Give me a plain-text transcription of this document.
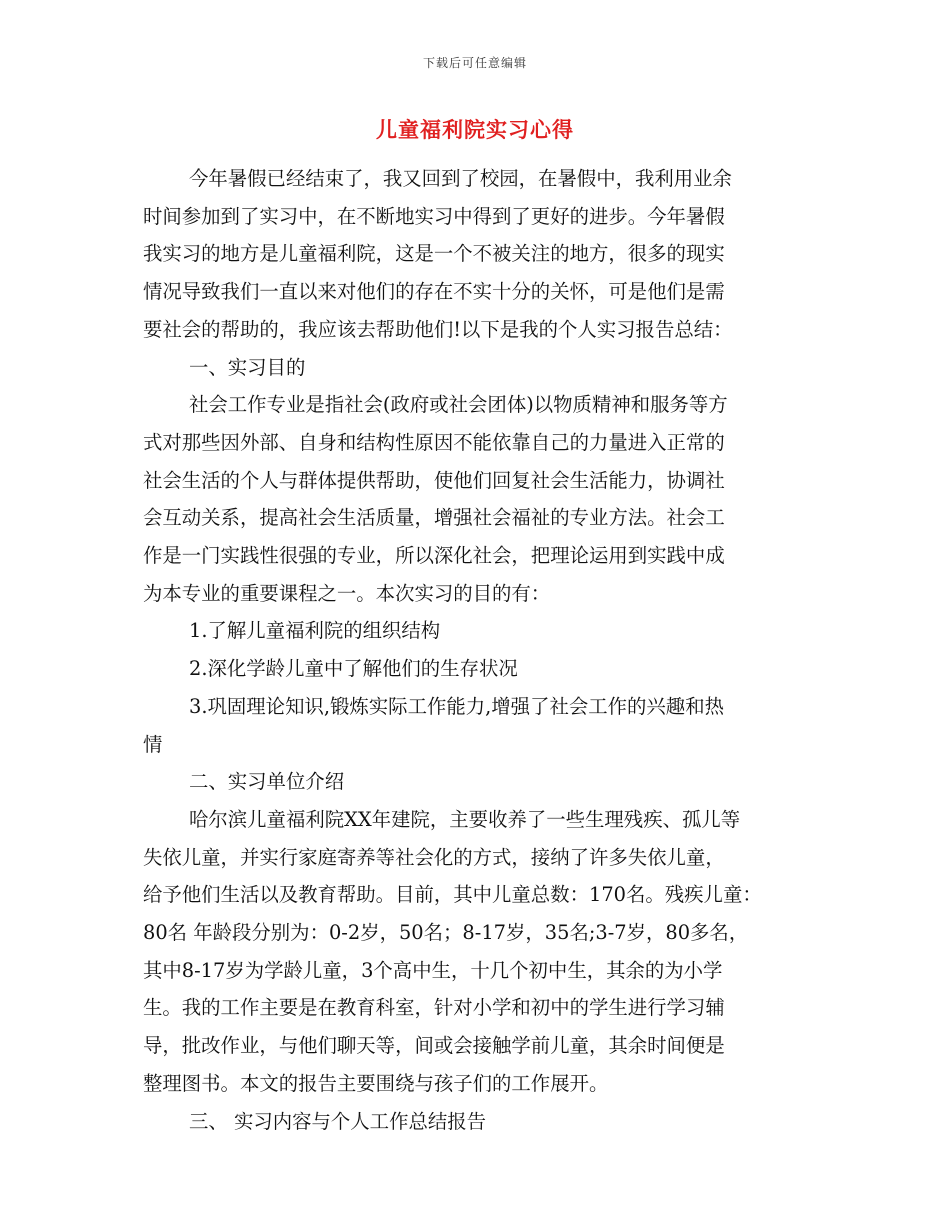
下载后可任意编辑
儿童福利院实习心得

今年暑假已经结束了，我又回到了校园，在暑假中，我利用业余

时间参加到了实习中，在不断地实习中得到了更好的进步。今年暑假

我实习的地方是儿童福利院，这是一个不被关注的地方，很多的现实

情况导致我们一直以来对他们的存在不实十分的关怀，可是他们是需

要社会的帮助的，我应该去帮助他们!以下是我的个人实习报告总结：

一、实习目的

社会工作专业是指社会(政府或社会团体)以物质精神和服务等方

式对那些因外部、自身和结构性原因不能依靠自己的力量进入正常的

社会生活的个人与群体提供帮助，使他们回复社会生活能力，协调社

会互动关系，提高社会生活质量，增强社会福祉的专业方法。社会工

作是一门实践性很强的专业，所以深化社会，把理论运用到实践中成

为本专业的重要课程之一。本次实习的目的有：

1.了解儿童福利院的组织结构

2.深化学龄儿童中了解他们的生存状况

3.巩固理论知识,锻炼实际工作能力,增强了社会工作的兴趣和热

情

二、实习单位介绍

哈尔滨儿童福利院XX年建院，主要收养了一些生理残疾、孤儿等

失依儿童，并实行家庭寄养等社会化的方式，接纳了许多失依儿童，

给予他们生活以及教育帮助。目前，其中儿童总数：170名。残疾儿童：

80名 年龄段分别为：0-2岁，50名；8-17岁，35名;3-7岁，80多名，

其中8-17岁为学龄儿童，3个高中生，十几个初中生，其余的为小学

生。我的工作主要是在教育科室，针对小学和初中的学生进行学习辅

导，批改作业，与他们聊天等，间或会接触学前儿童，其余时间便是

整理图书。本文的报告主要围绕与孩子们的工作展开。

三、 实习内容与个人工作总结报告
